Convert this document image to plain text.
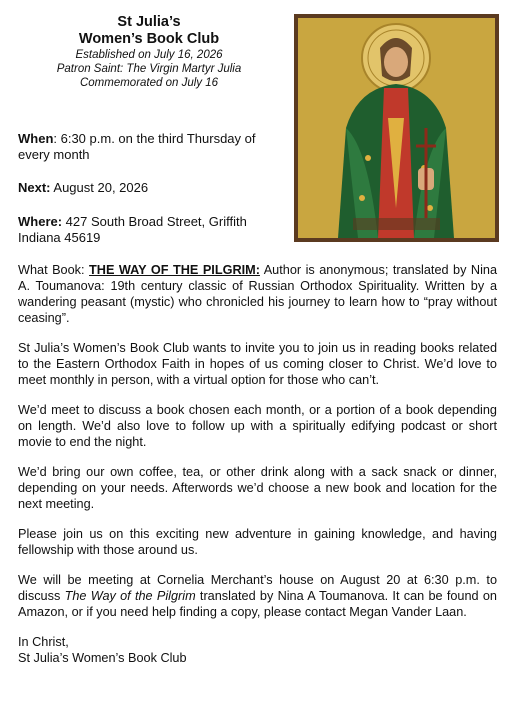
St Julia’s
Women’s Book Club
Established on July 16, 2026
Patron Saint: The Virgin Martyr Julia
Commemorated on July 16
When: 6:30 p.m. on the third Thursday of every month
Next: August 20, 2026
Where: 427 South Broad Street, Griffith Indiana 45619

What Book: THE WAY OF THE PILGRIM: Author is anonymous; translated by Nina A. Toumanova: 19th century classic of Russian Orthodox Spirituality. Written by a wandering peasant (mystic) who chronicled his journey to learn how to “pray without ceasing”.

St Julia’s Women’s Book Club wants to invite you to join us in reading books related to the Eastern Orthodox Faith in hopes of us coming closer to Christ. We’d love to meet monthly in person, with a virtual option for those who can’t.

We’d meet to discuss a book chosen each month, or a portion of a book depending on length. We’d also love to follow up with a spiritually edifying podcast or short movie to end the night.

We’d bring our own coffee, tea, or other drink along with a sack snack or dinner, depending on your needs. Afterwords we’d choose a new book and location for the next meeting.

Please join us on this exciting new adventure in gaining knowledge, and having fellowship with those around us.

We will be meeting at Cornelia Merchant’s house on August 20 at 6:30 p.m. to discuss The Way of the Pilgrim translated by Nina A Toumanova. It can be found on Amazon, or if you need help finding a copy, please contact Megan Vander Laan.

In Christ,
St Julia’s Women’s Book Club
